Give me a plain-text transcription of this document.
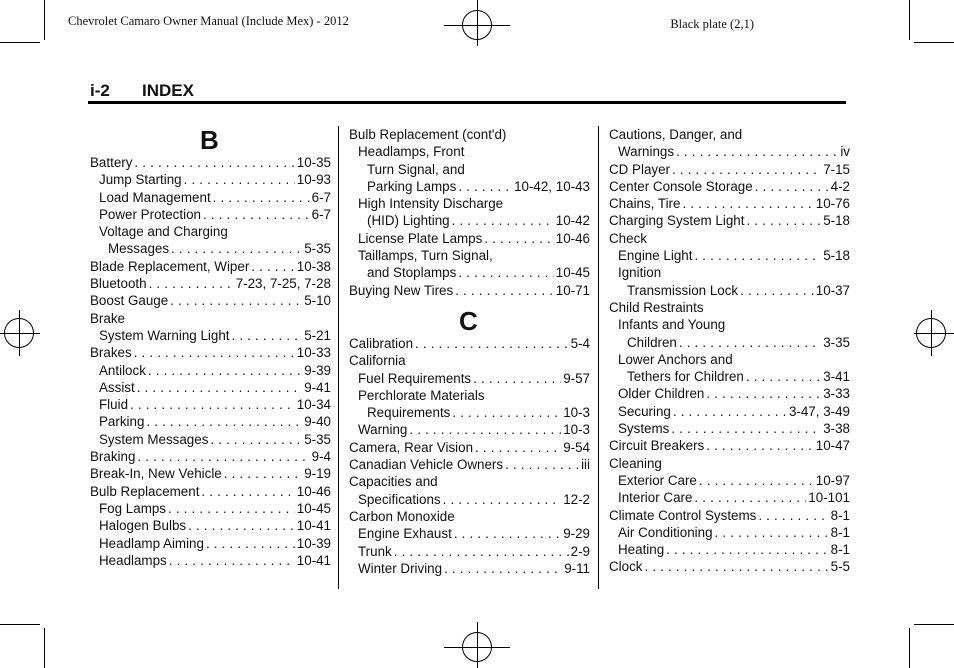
Chevrolet Camaro Owner Manual (Include Mex) - 2012	Black plate (2,1)
i-2 INDEX
B
Battery . . .	10-35
Jump Starting . . .	10-93
Load Management . . .	6-7
Power Protection . . .	6-7
Voltage and Charging
Messages . . .	5-35
Blade Replacement, Wiper . . .	10-38
Bluetooth . . .	7-23, 7-25, 7-28
Boost Gauge . . .	5-10
Brake
System Warning Light . . .	5-21
Brakes . . .	10-33
Antilock . . .	9-39
Assist . . .	9-41
Fluid . . .	10-34
Parking . . .	9-40
System Messages . . .	5-35
Braking . . .	9-4
Break-In, New Vehicle . . .	9-19
Bulb Replacement . . .	10-46
Fog Lamps . . .	10-45
Halogen Bulbs . . .	10-41
Headlamp Aiming . . .	10-39
Headlamps . . .	10-41
Bulb Replacement (cont'd)
Headlamps, Front
Turn Signal, and
Parking Lamps . . .	10-42, 10-43
High Intensity Discharge
(HID) Lighting . . .	10-42
License Plate Lamps . . .	10-46
Taillamps, Turn Signal,
and Stoplamps . . .	10-45
Buying New Tires . . .	10-71
C
Calibration . . .	5-4
California
Fuel Requirements . . .	9-57
Perchlorate Materials
Requirements . . .	10-3
Warning . . .	10-3
Camera, Rear Vision . . .	9-54
Canadian Vehicle Owners . . .	iii
Capacities and
Specifications . . .	12-2
Carbon Monoxide
Engine Exhaust . . .	9-29
Trunk . . .	2-9
Winter Driving . . .	9-11
Cautions, Danger, and
Warnings . . .	iv
CD Player . . .	7-15
Center Console Storage . . .	4-2
Chains, Tire . . .	10-76
Charging System Light . . .	5-18
Check
Engine Light . . .	5-18
Ignition
Transmission Lock . . .	10-37
Child Restraints
Infants and Young
Children . . .	3-35
Lower Anchors and
Tethers for Children . . .	3-41
Older Children . . .	3-33
Securing . . .	3-47, 3-49
Systems . . .	3-38
Circuit Breakers . . .	10-47
Cleaning
Exterior Care . . .	10-97
Interior Care . . .	10-101
Climate Control Systems . . .	8-1
Air Conditioning . . .	8-1
Heating . . .	8-1
Clock . . .	5-5
